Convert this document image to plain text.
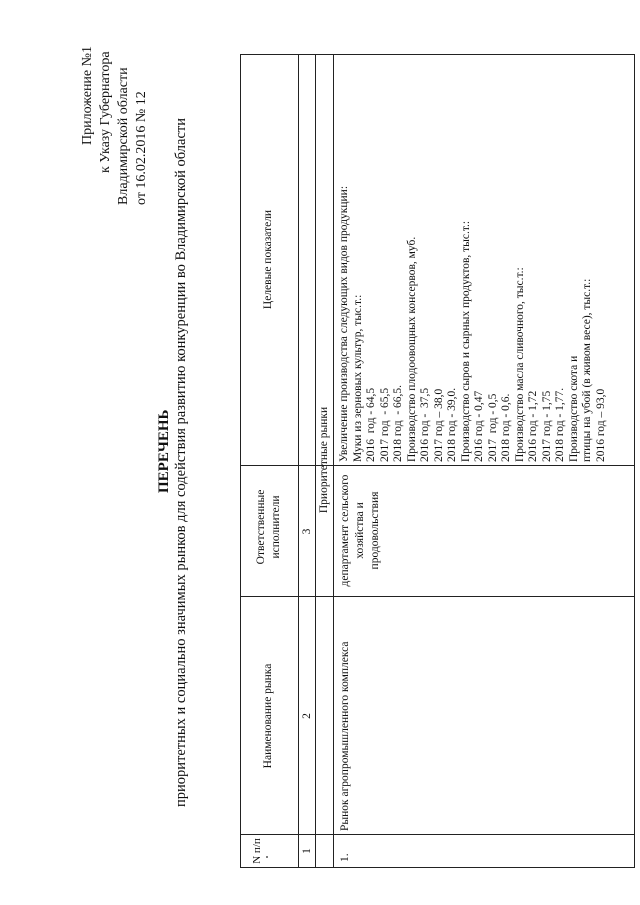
Приложение №1 к Указу Губернатора Владимирской области от 16.02.2016 № 12
ПЕРЕЧЕНЬ приоритетных и социально значимых рынков для содействия развитию конкуренции во Владимирской области
N п/п
Наименование рынка
Ответственные исполнители
Целевые показатели
1
2
3
Приоритетные рынки
1.
Рынок агропромышленного комплекса
департамент сельского хозяйства и продовольствия
Увеличение производства следующих видов продукции: Муки из зерновых культур, тыс.т.: 2016  год - 64,5 2017 год  - 65,5 2018 год  - 66,5. Производство плодоовощных консервов, муб. 2016 год -  37,5 2017 год – 38,0 2018 год - 39,0. Производство сыров и сырных продуктов, тыс.т.: 2016 год - 0,47 2017  год - 0,5 2018 год - 0,6. Производство масла сливочного, тыс.т.: 2016 год - 1,72 2017 год - 1,75 2018 год - 1,77. Производство скота и птицы на убой (в живом весе), тыс.т.: 2016 год – 93,0
